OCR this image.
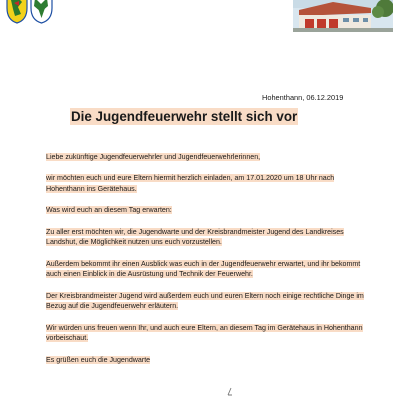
Hohenthann, 06.12.2019
Die Jugendfeuerwehr stellt sich vor

Liebe zukünftige Jugendfeuerwehrler und Jugendfeuerwehrlerinnen,

wir möchten euch und eure Eltern hiermit herzlich einladen, am 17.01.2020 um 18 Uhr nach Hohenthann ins Gerätehaus.

Was wird euch an diesem Tag erwarten:

Zu aller erst möchten wir, die Jugendwarte und der Kreisbrandmeister Jugend des Landkreises Landshut, die Möglichkeit nutzen uns euch vorzustellen.

Außerdem bekommt ihr einen Ausblick was euch in der Jugendfeuerwehr erwartet, und ihr bekommt auch einen Einblick in die Ausrüstung und Technik der Feuerwehr.

Der Kreisbrandmeister Jugend wird außerdem euch und euren Eltern noch einige rechtliche Dinge im Bezug auf die Jugendfeuerwehr erläutern.

Wir würden uns freuen wenn Ihr, und auch eure Eltern, an diesem Tag im Gerätehaus in Hohenthann vorbeischaut.

Es grüßen euch die Jugendwarte
